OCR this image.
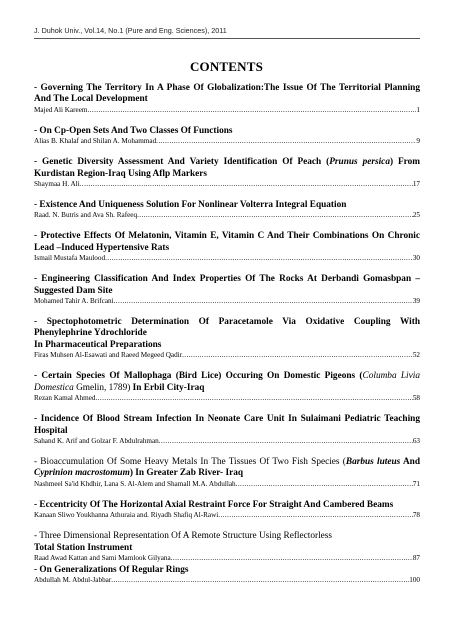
J. Duhok Univ., Vol.14, No.1 (Pure and Eng. Sciences), 2011
CONTENTS
- Governing The Territory In A Phase Of Globalization:The Issue Of The Territorial Planning And The Local Development
Majed Ali Kareem .....	1
- On Cp-Open Sets And Two Classes Of Functions
Alias B. Khalaf and Shilan A. Mohammad .....	9
- Genetic Diversity Assessment And Variety Identification Of Peach (Prunus persica) From Kurdistan Region-Iraq Using Aflp Markers
Shaymaa H. Ali .....	17
- Existence And Uniqueness Solution For Nonlinear Volterra Integral Equation
Raad. N. Butris and Ava Sh. Rafeeq .....	25
- Protective Effects Of Melatonin, Vitamin E, Vitamin C And Their Combinations On Chronic Lead –Induced Hypertensive Rats
Ismail Mustafa Maulood .....	30
- Engineering Classification And Index Properties Of The Rocks At Derbandi Gomasbpan – Suggested Dam Site
Mohamed Tahir A. Brifcani .....	39
- Spectophotometric Determination Of Paracetamole Via Oxidative Coupling With Phenylephrine Ydrochloride
In Pharmaceutical Preparations
Firas Muhsen Al-Esawati and Raeed Megeed Qadir .....	52
- Certain Species Of Mallophaga (Bird Lice) Occuring On Domestic Pigeons (Columba Livia Domestica Gmelin, 1789) In Erbil City-Iraq
Rezan Kamal Ahmed .....	58
- Incidence Of Blood Stream Infection In Neonate Care Unit In Sulaimani Pediatric Teaching Hospital
Sahand K. Arif and Golzar F. Abdulrahman .....	63
- Bioaccumulation Of Some Heavy Metals In The Tissues Of Two Fish Species (Barbus luteus And Cyprinion macrostomum) In Greater Zab River- Iraq
Nashmeel Sa'id Khdhir, Lana S. Al-Alem and Shamall M.A. Abdullah .....	71
- Eccentricity Of The Horizontal Axial Restraint Force For Straight And Cambered Beams
Kanaan Sliwo Youkhanna Athuraia and. Riyadh Shafiq Al-Rawi .....	78
- Three Dimensional Representation Of A Remote Structure Using Reflectorless
Total Station Instrument
Raad Awad Kattan and Sami Mamlook Gilyana .....	87
- On Generalizations Of Regular Rings
Abdullah M. Abdul-Jabbar .....	100
